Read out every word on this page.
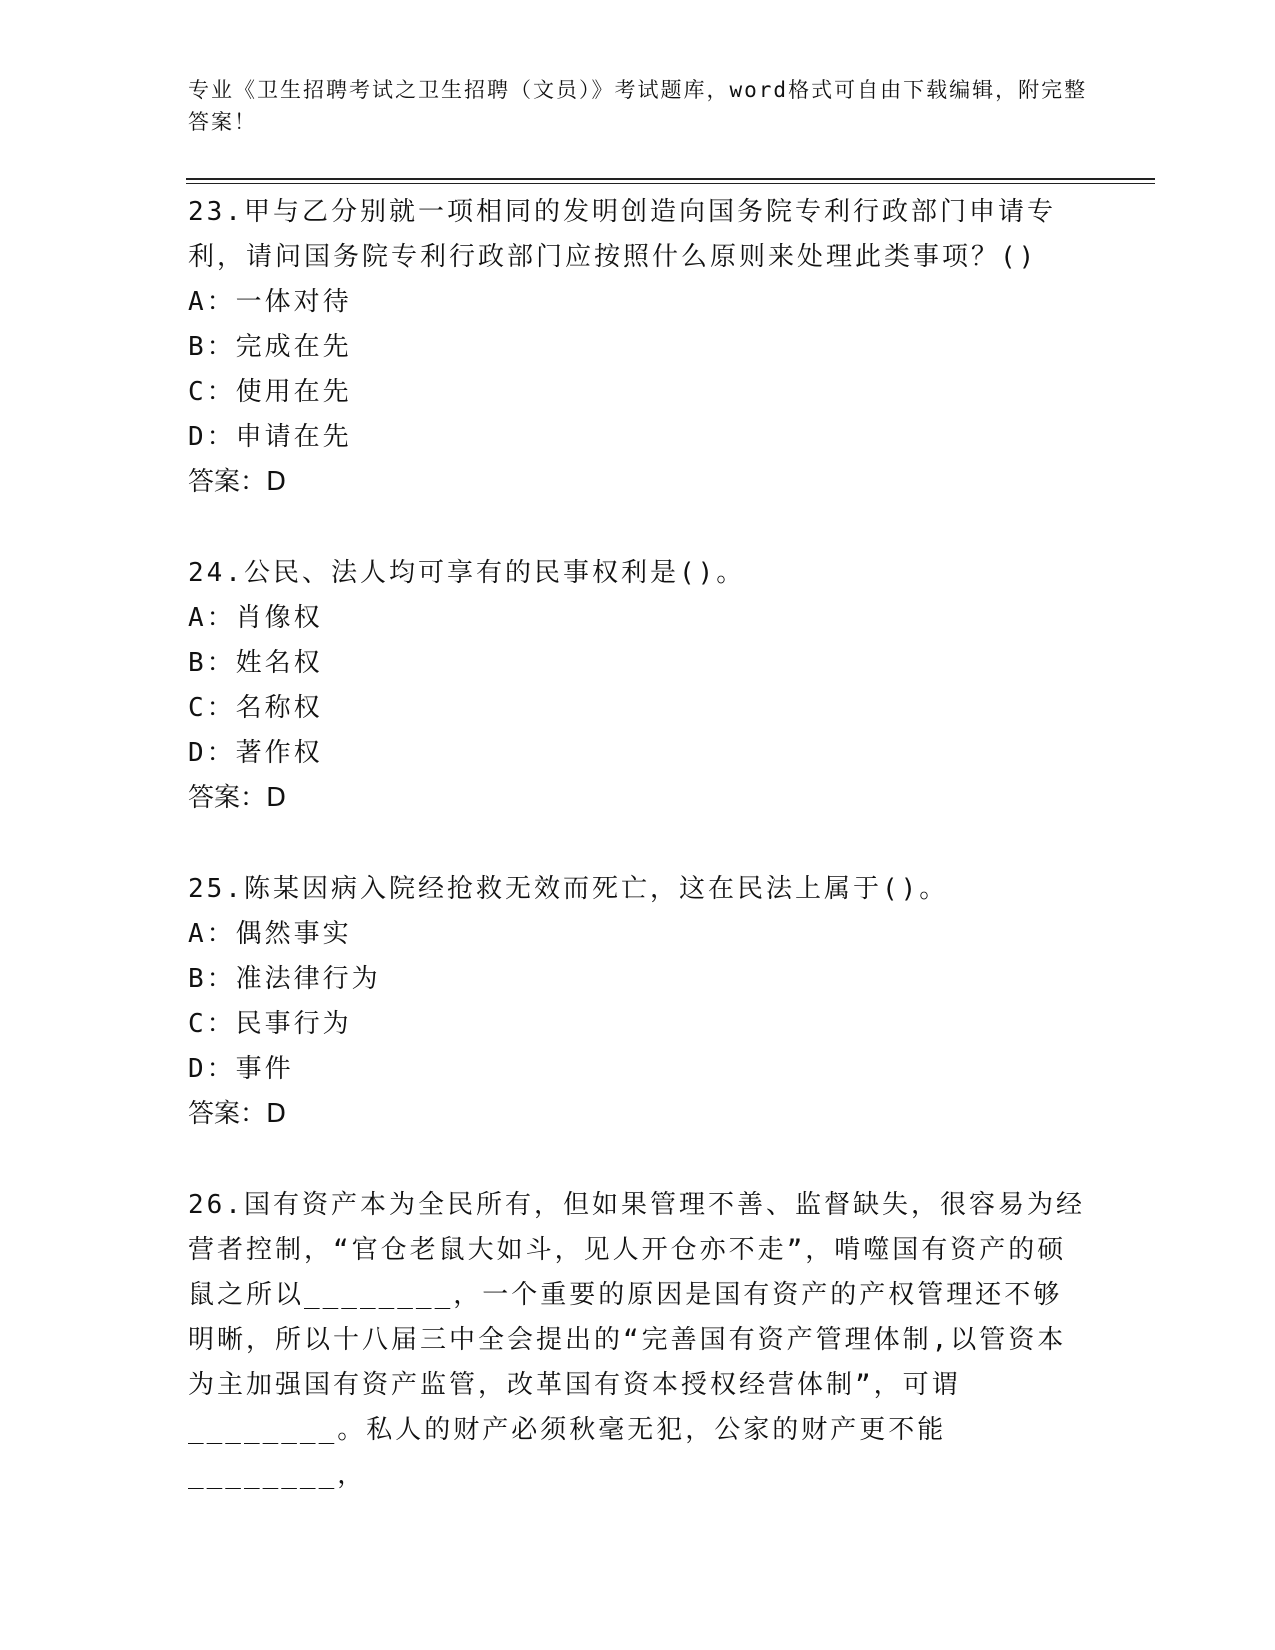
专业《卫生招聘考试之卫生招聘（文员）》考试题库，word格式可自由下载编辑，附完整答案！

23.甲与乙分别就一项相同的发明创造向国务院专利行政部门申请专利，请问国务院专利行政部门应按照什么原则来处理此类事项？()

A：一体对待

B：完成在先

C：使用在先

D：申请在先

答案：D

24.公民、法人均可享有的民事权利是()。

A：肖像权

B：姓名权

C：名称权

D：著作权

答案：D

25.陈某因病入院经抢救无效而死亡，这在民法上属于()。

A：偶然事实

B：准法律行为

C：民事行为

D：事件

答案：D

26.国有资产本为全民所有，但如果管理不善、监督缺失，很容易为经营者控制，“官仓老鼠大如斗，见人开仓亦不走”，啃噬国有资产的硕鼠之所以________，一个重要的原因是国有资产的产权管理还不够明晰，所以十八届三中全会提出的“完善国有资产管理体制,以管资本为主加强国有资产监管，改革国有资本授权经营体制”，可谓________。私人的财产必须秋毫无犯，公家的财产更不能________，
